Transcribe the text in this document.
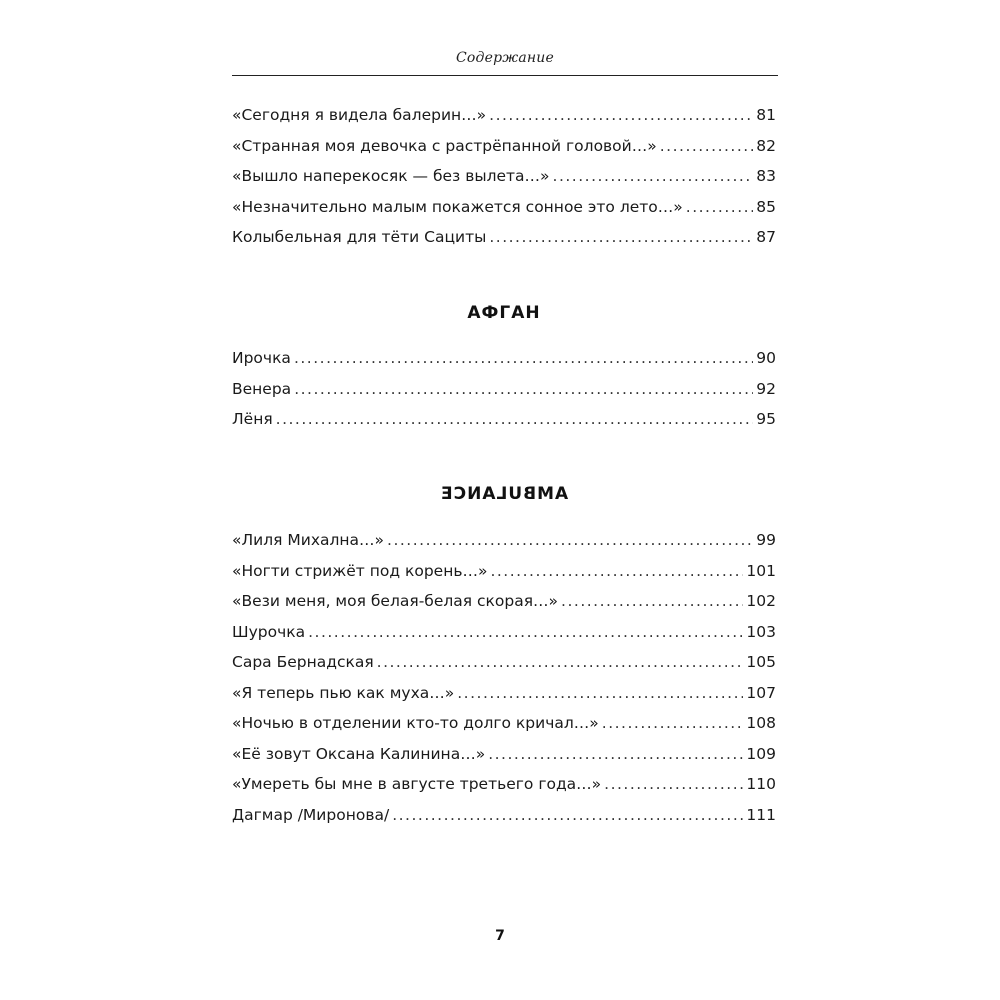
Содержание
«Сегодня я видела балерин…» .....	81
«Странная моя девочка с растрёпанной головой…» .....	82
«Вышло наперекосяк — без вылета…» .....	83
«Незначительно малым покажется сонное это лето…» .....	85
Колыбельная для тёти Сациты .....	87
АФГАН
Ирочка .....	90
Венера .....	92
Лёня .....	95
AMBULANCE
«Лиля Михална…» .....	99
«Ногти стрижёт под корень…» .....	101
«Вези меня, моя белая-белая скорая…» .....	102
Шурочка .....	103
Сара Бернадская .....	105
«Я теперь пью как муха…» .....	107
«Ночью в отделении кто-то долго кричал…» .....	108
«Её зовут Оксана Калинина…» .....	109
«Умереть бы мне в августе третьего года…» .....	110
Дагмар /Миронова/ .....	111
7
